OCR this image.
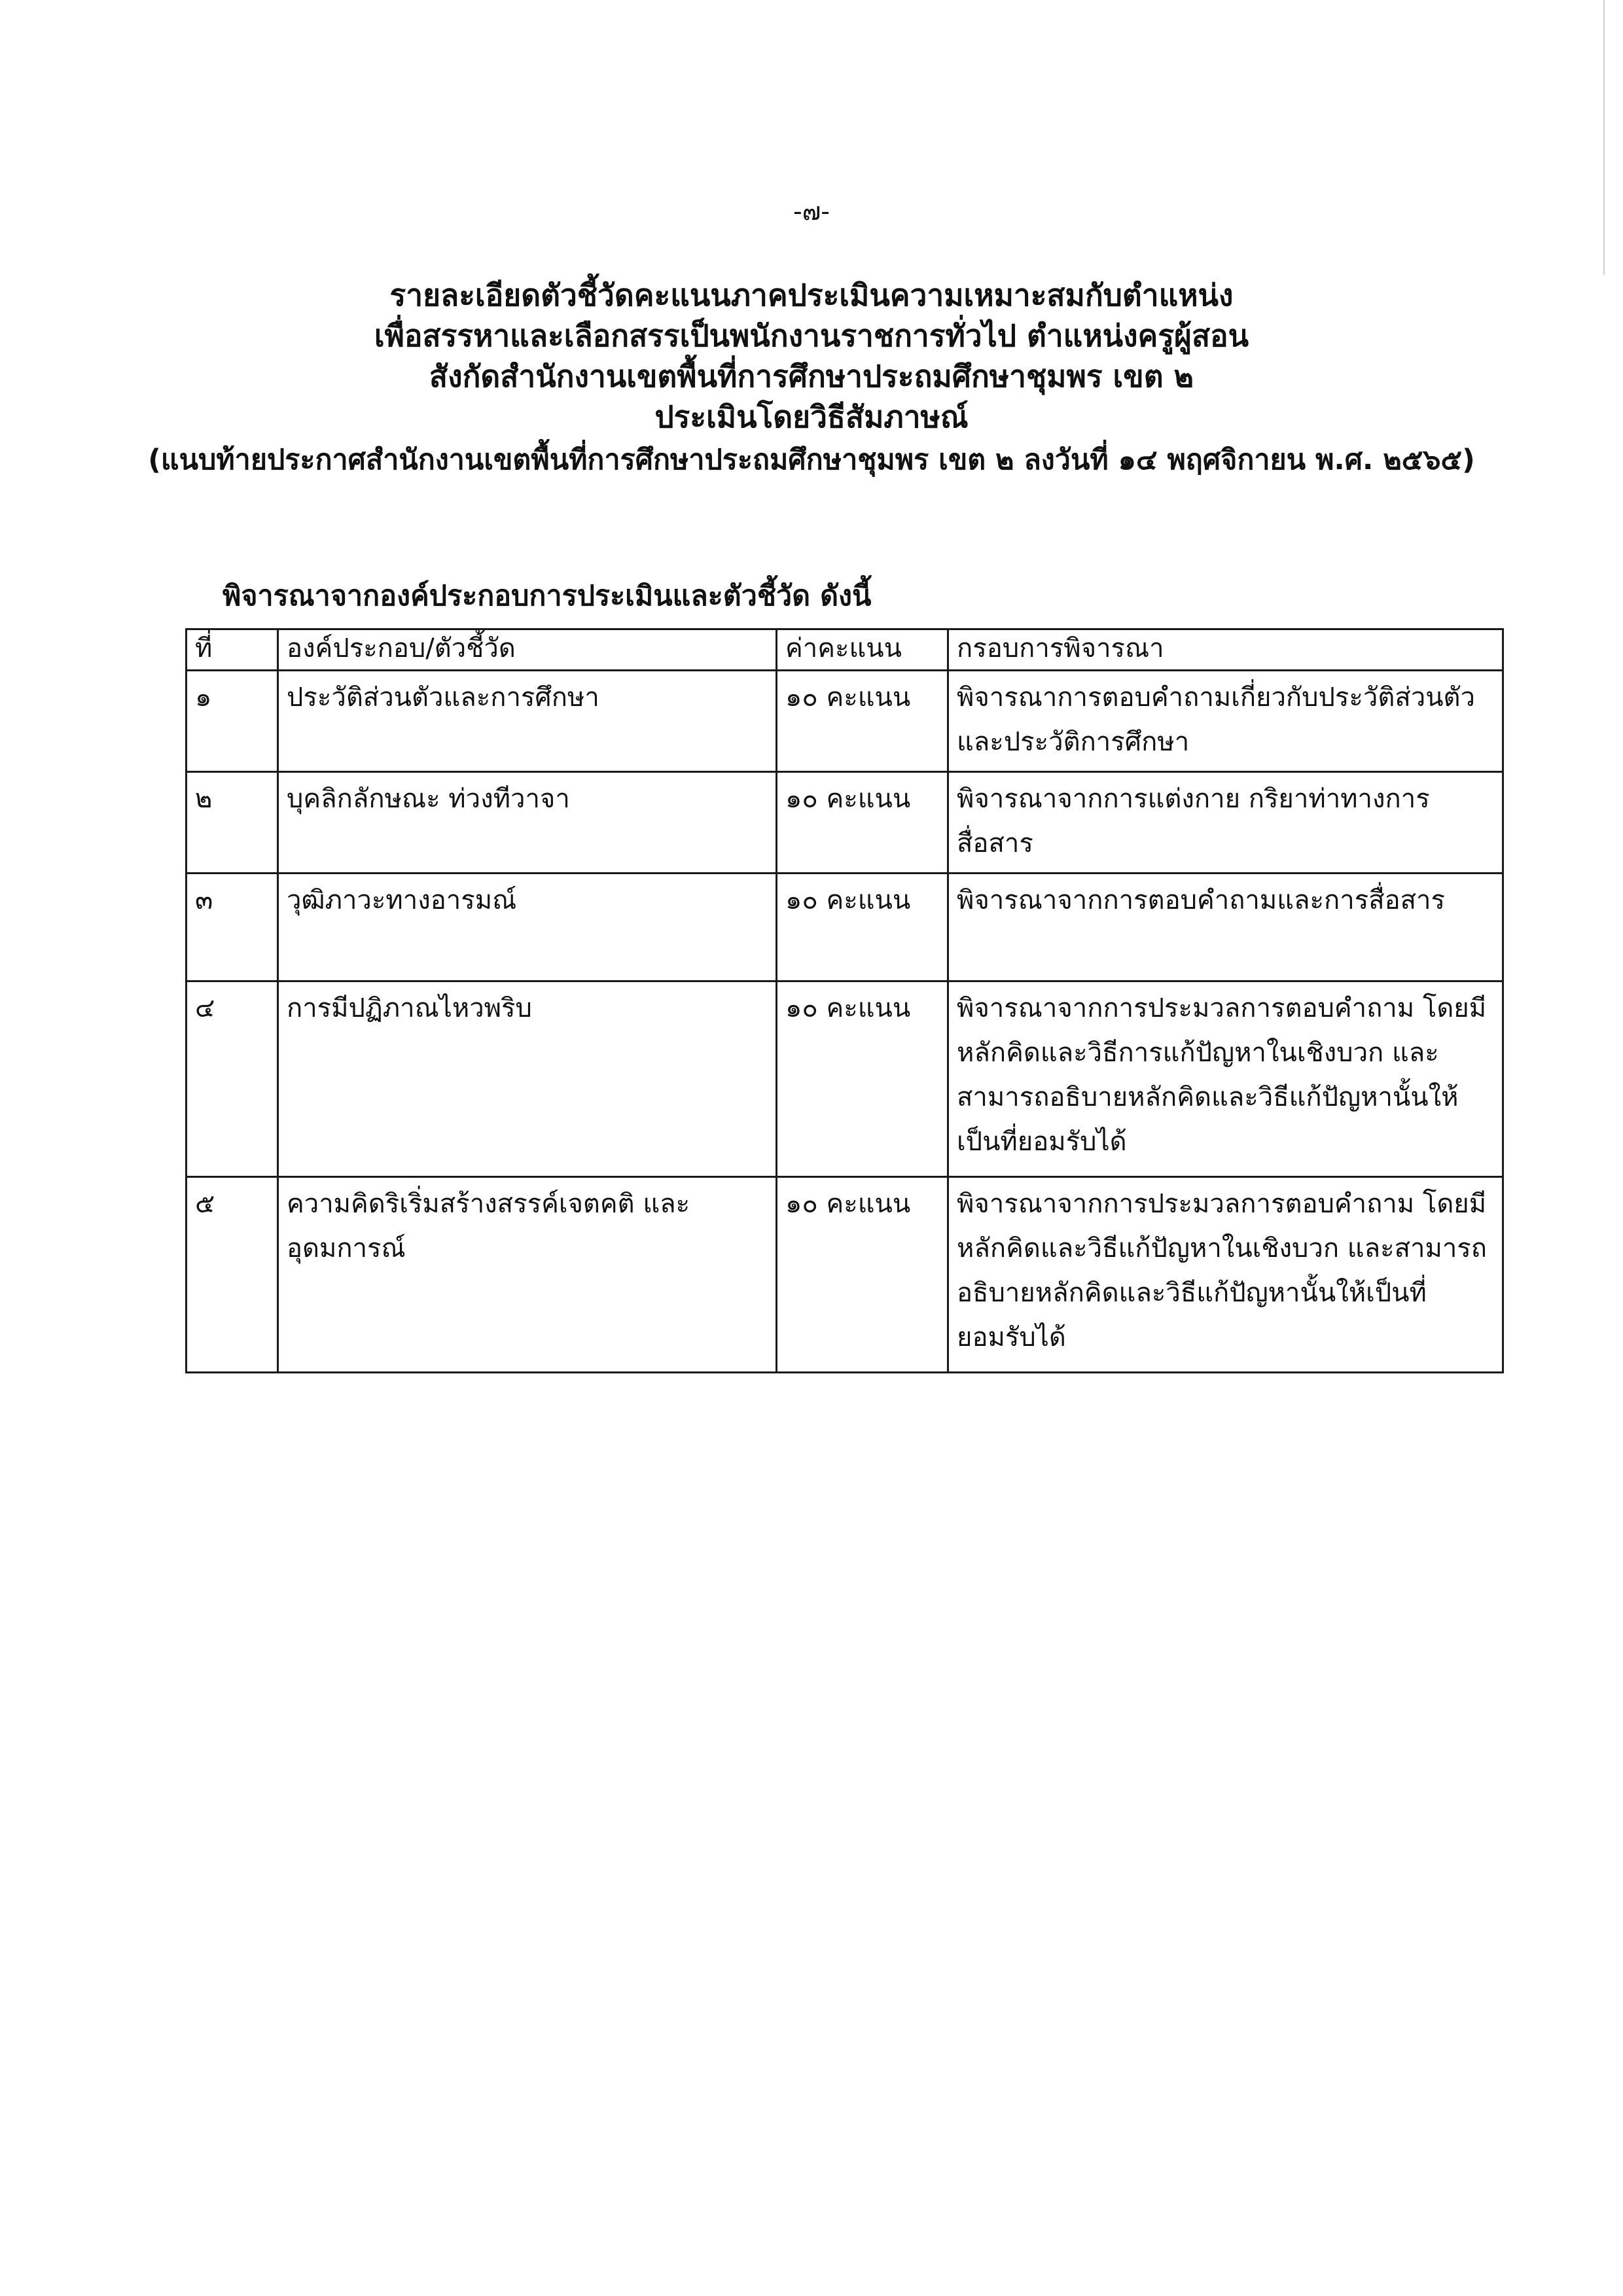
-๗-
รายละเอียดตัวชี้วัดคะแนนภาคประเมินความเหมาะสมกับตำแหน่ง
เพื่อสรรหาและเลือกสรรเป็นพนักงานราชการทั่วไป ตำแหน่งครูผู้สอน
สังกัดสำนักงานเขตพื้นที่การศึกษาประถมศึกษาชุมพร เขต ๒
ประเมินโดยวิธีสัมภาษณ์
(แนบท้ายประกาศสำนักงานเขตพื้นที่การศึกษาประถมศึกษาชุมพร เขต ๒ ลงวันที่ ๑๔ พฤศจิกายน พ.ศ. ๒๕๖๕)
พิจารณาจากองค์ประกอบการประเมินและตัวชี้วัด ดังนี้
ที่	องค์ประกอบ/ตัวชี้วัด	ค่าคะแนน	กรอบการพิจารณา
๑	ประวัติส่วนตัวและการศึกษา	๑๐ คะแนน	พิจารณาการตอบคำถามเกี่ยวกับประวัติส่วนตัวและประวัติการศึกษา
๒	บุคลิกลักษณะ ท่วงทีวาจา	๑๐ คะแนน	พิจารณาจากการแต่งกาย กริยาท่าทางการสื่อสาร
๓	วุฒิภาวะทางอารมณ์	๑๐ คะแนน	พิจารณาจากการตอบคำถามและการสื่อสาร
๔	การมีปฏิภาณไหวพริบ	๑๐ คะแนน	พิจารณาจากการประมวลการตอบคำถาม โดยมีหลักคิดและวิธีการแก้ปัญหาในเชิงบวก และสามารถอธิบายหลักคิดและวิธีแก้ปัญหานั้นให้เป็นที่ยอมรับได้
๕	ความคิดริเริ่มสร้างสรรค์เจตคติ และอุดมการณ์	๑๐ คะแนน	พิจารณาจากการประมวลการตอบคำถาม โดยมีหลักคิดและวิธีแก้ปัญหาในเชิงบวก และสามารถอธิบายหลักคิดและวิธีแก้ปัญหานั้นให้เป็นที่ยอมรับได้
